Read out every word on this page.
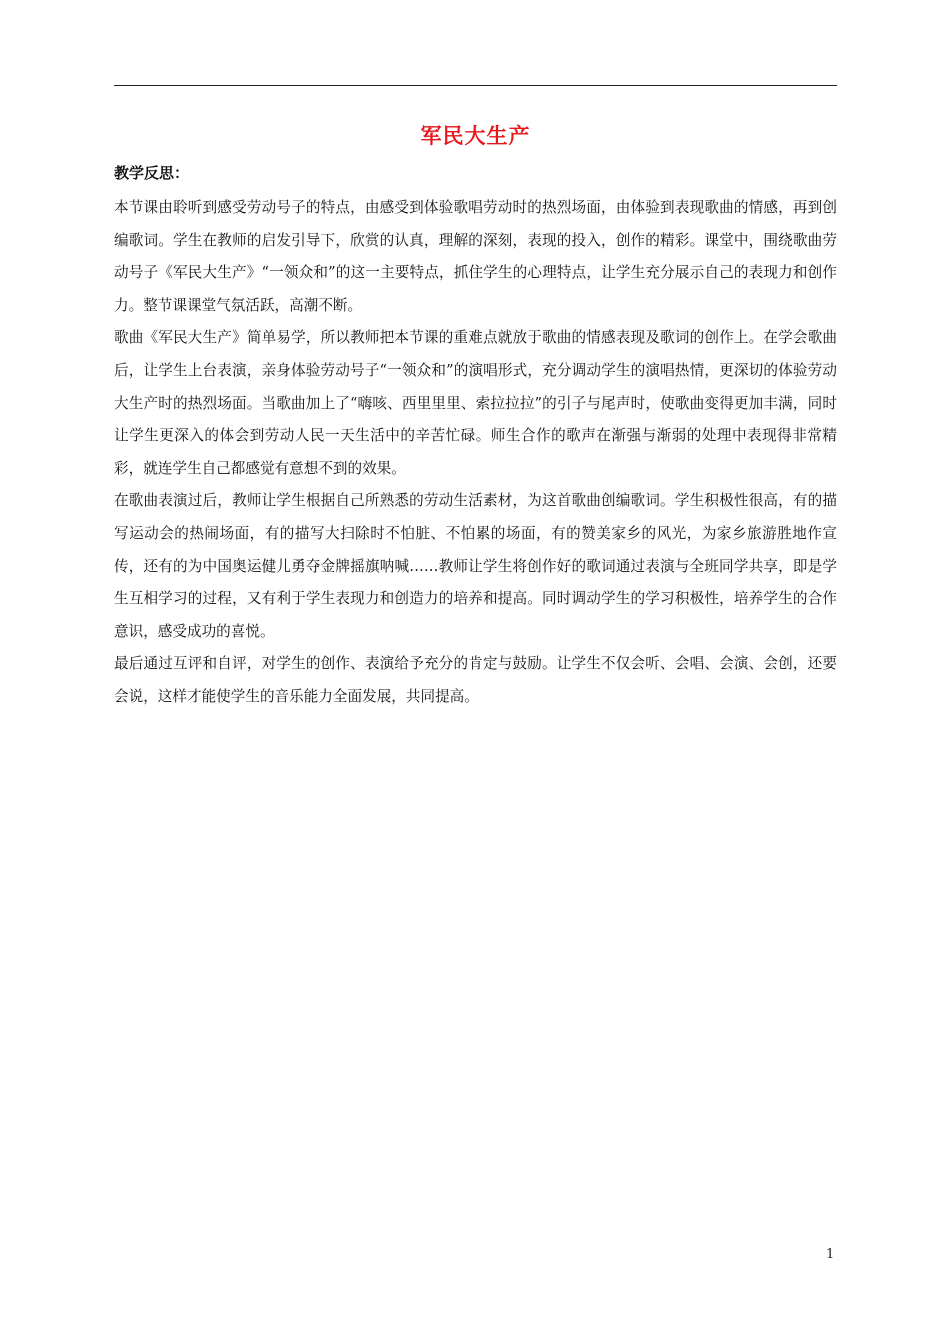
军民大生产
教学反思：

本节课由聆听到感受劳动号子的特点，由感受到体验歌唱劳动时的热烈场面，由体验到表现歌曲的情感，再到创编歌词。学生在教师的启发引导下，欣赏的认真，理解的深刻，表现的投入，创作的精彩。课堂中，围绕歌曲劳动号子《军民大生产》“一领众和”的这一主要特点，抓住学生的心理特点，让学生充分展示自己的表现力和创作力。整节课课堂气氛活跃，高潮不断。

歌曲《军民大生产》简单易学，所以教师把本节课的重难点就放于歌曲的情感表现及歌词的创作上。在学会歌曲后，让学生上台表演，亲身体验劳动号子“一领众和”的演唱形式，充分调动学生的演唱热情，更深切的体验劳动大生产时的热烈场面。当歌曲加上了“嗨咳、西里里里、索拉拉拉”的引子与尾声时，使歌曲变得更加丰满，同时让学生更深入的体会到劳动人民一天生活中的辛苦忙碌。师生合作的歌声在渐强与渐弱的处理中表现得非常精彩，就连学生自己都感觉有意想不到的效果。

在歌曲表演过后，教师让学生根据自己所熟悉的劳动生活素材，为这首歌曲创编歌词。学生积极性很高，有的描写运动会的热闹场面，有的描写大扫除时不怕脏、不怕累的场面，有的赞美家乡的风光，为家乡旅游胜地作宣传，还有的为中国奥运健儿勇夺金牌摇旗呐喊……教师让学生将创作好的歌词通过表演与全班同学共享，即是学生互相学习的过程，又有利于学生表现力和创造力的培养和提高。同时调动学生的学习积极性，培养学生的合作意识，感受成功的喜悦。

最后通过互评和自评，对学生的创作、表演给予充分的肯定与鼓励。让学生不仅会听、会唱、会演、会创，还要会说，这样才能使学生的音乐能力全面发展，共同提高。

1
